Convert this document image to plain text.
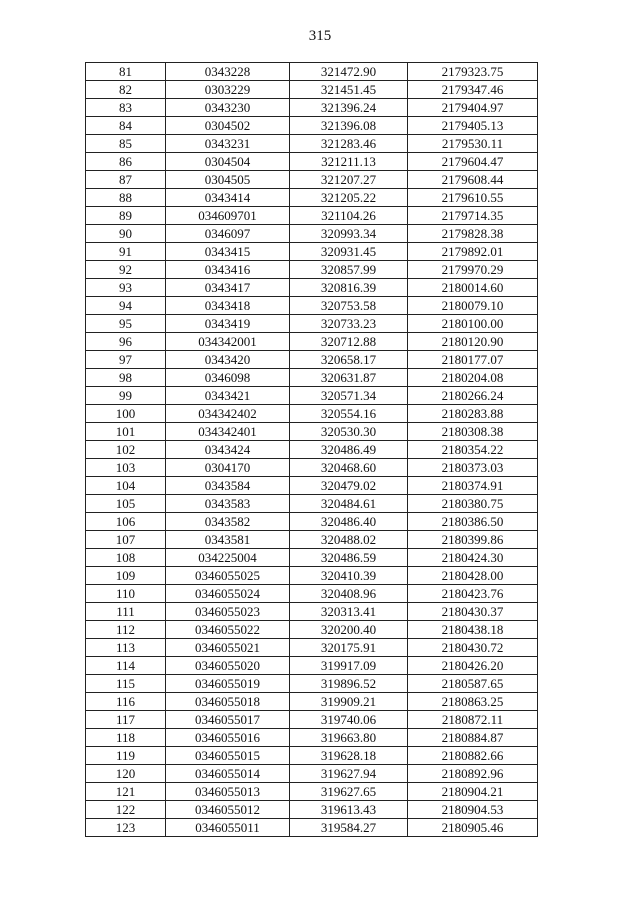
315
81	0343228	321472.90	2179323.75
82	0303229	321451.45	2179347.46
83	0343230	321396.24	2179404.97
84	0304502	321396.08	2179405.13
85	0343231	321283.46	2179530.11
86	0304504	321211.13	2179604.47
87	0304505	321207.27	2179608.44
88	0343414	321205.22	2179610.55
89	034609701	321104.26	2179714.35
90	0346097	320993.34	2179828.38
91	0343415	320931.45	2179892.01
92	0343416	320857.99	2179970.29
93	0343417	320816.39	2180014.60
94	0343418	320753.58	2180079.10
95	0343419	320733.23	2180100.00
96	034342001	320712.88	2180120.90
97	0343420	320658.17	2180177.07
98	0346098	320631.87	2180204.08
99	0343421	320571.34	2180266.24
100	034342402	320554.16	2180283.88
101	034342401	320530.30	2180308.38
102	0343424	320486.49	2180354.22
103	0304170	320468.60	2180373.03
104	0343584	320479.02	2180374.91
105	0343583	320484.61	2180380.75
106	0343582	320486.40	2180386.50
107	0343581	320488.02	2180399.86
108	034225004	320486.59	2180424.30
109	0346055025	320410.39	2180428.00
110	0346055024	320408.96	2180423.76
111	0346055023	320313.41	2180430.37
112	0346055022	320200.40	2180438.18
113	0346055021	320175.91	2180430.72
114	0346055020	319917.09	2180426.20
115	0346055019	319896.52	2180587.65
116	0346055018	319909.21	2180863.25
117	0346055017	319740.06	2180872.11
118	0346055016	319663.80	2180884.87
119	0346055015	319628.18	2180882.66
120	0346055014	319627.94	2180892.96
121	0346055013	319627.65	2180904.21
122	0346055012	319613.43	2180904.53
123	0346055011	319584.27	2180905.46
